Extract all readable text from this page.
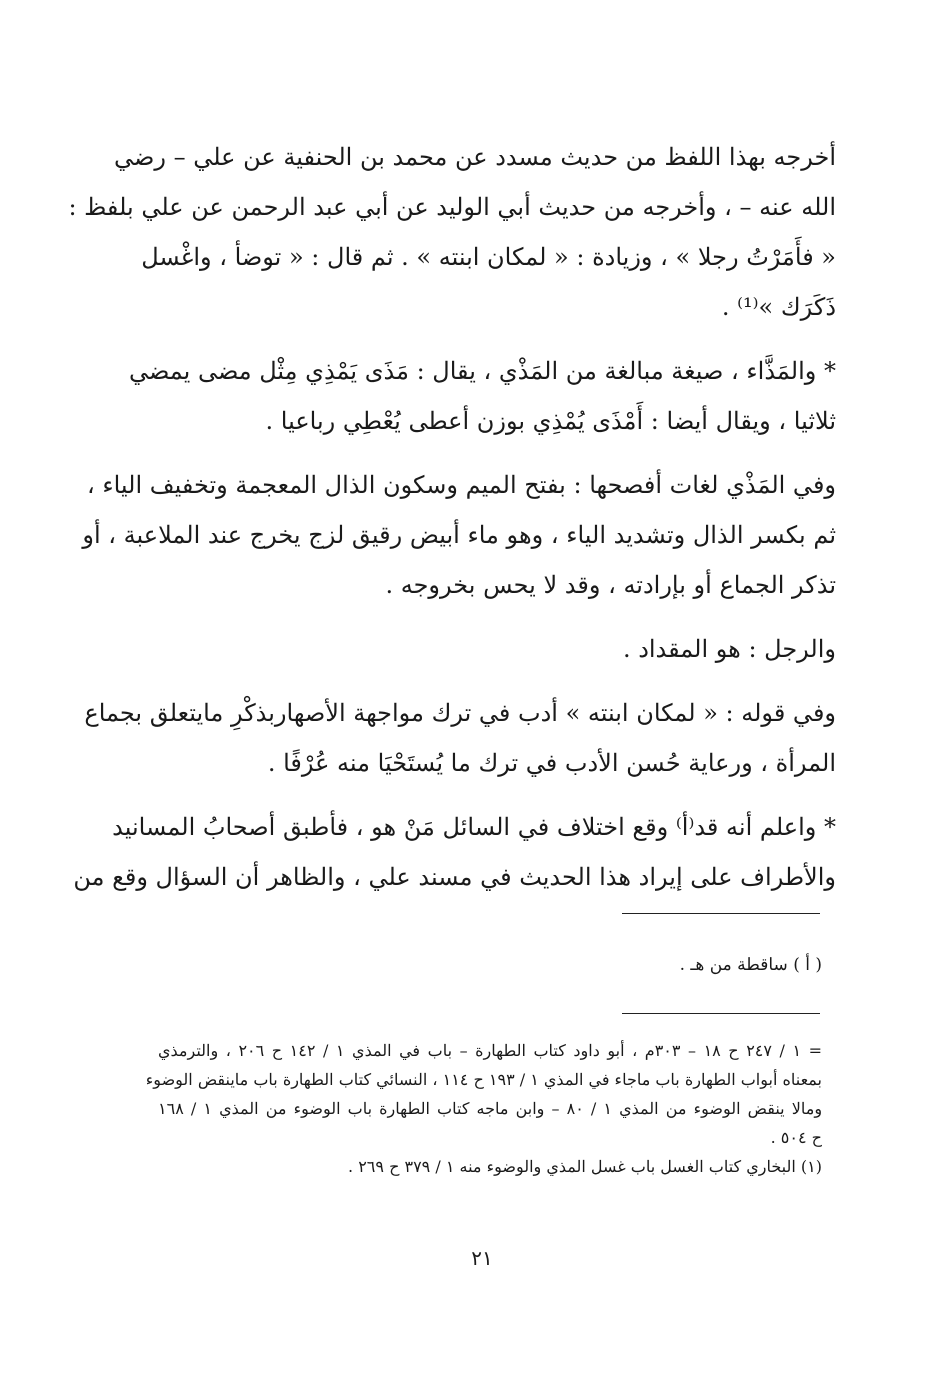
أخرجه بهذا اللفظ من حديث مسدد عن محمد بن الحنفية عن علي – رضي
الله عنه – ، وأخرجه من حديث أبي الوليد عن أبي عبد الرحمن عن علي بلفظ :
« فأَمَرْتُ رجلا » ، وزيادة : « لمكان ابنته » . ثم قال : « توضأ ، واغْسل
ذَكَرَك »⁽¹⁾ .

* والمَذَّاء ، صيغة مبالغة من المَذْي ، يقال : مَذَى يَمْذِي مِثْل مضى يمضي
ثلاثيا ، ويقال أيضا : أَمْذَى يُمْذِي بوزن أعطى يُعْطِي رباعيا .

وفي المَذْي لغات أفصحها : بفتح الميم وسكون الذال المعجمة وتخفيف الياء ،
ثم بكسر الذال وتشديد الياء ، وهو ماء أبيض رقيق لزج يخرج عند الملاعبة ، أو
تذكر الجماع أو بإرادته ، وقد لا يحس بخروجه .

والرجل : هو المقداد .

وفي قوله : « لمكان ابنته » أدب في ترك مواجهة الأصهاربذكْرِ مايتعلق بجماع
المرأة ، ورعاية حُسن الأدب في ترك ما يُستَحْيَا منه عُرْفًا .

* واعلم أنه قد⁽أ⁾ وقع اختلاف في السائل مَنْ هو ، فأطبق أصحابُ المسانيد
والأطراف على إيراد هذا الحديث في مسند علي ، والظاهر أن السؤال وقع من

( أ ) ساقطة من هـ .
= ١ / ٢٤٧ ح ١٨ – ٣٠٣م ، أبو داود كتاب الطهارة – باب في المذي ١ / ١٤٢ ح ٢٠٦ ، والترمذي
بمعناه أبواب الطهارة باب ماجاء في المذي ١ / ١٩٣ ح ١١٤ ، النسائي كتاب الطهارة باب ماينقض الوضوء
ومالا ينقض الوضوء من المذي ١ / ٨٠ – وابن ماجه كتاب الطهارة باب الوضوء من المذي ١ / ١٦٨
ح ٥٠٤ .
(١) البخاري كتاب الغسل باب غسل المذي والوضوء منه ١ / ٣٧٩ ح ٢٦٩ .
٢١
